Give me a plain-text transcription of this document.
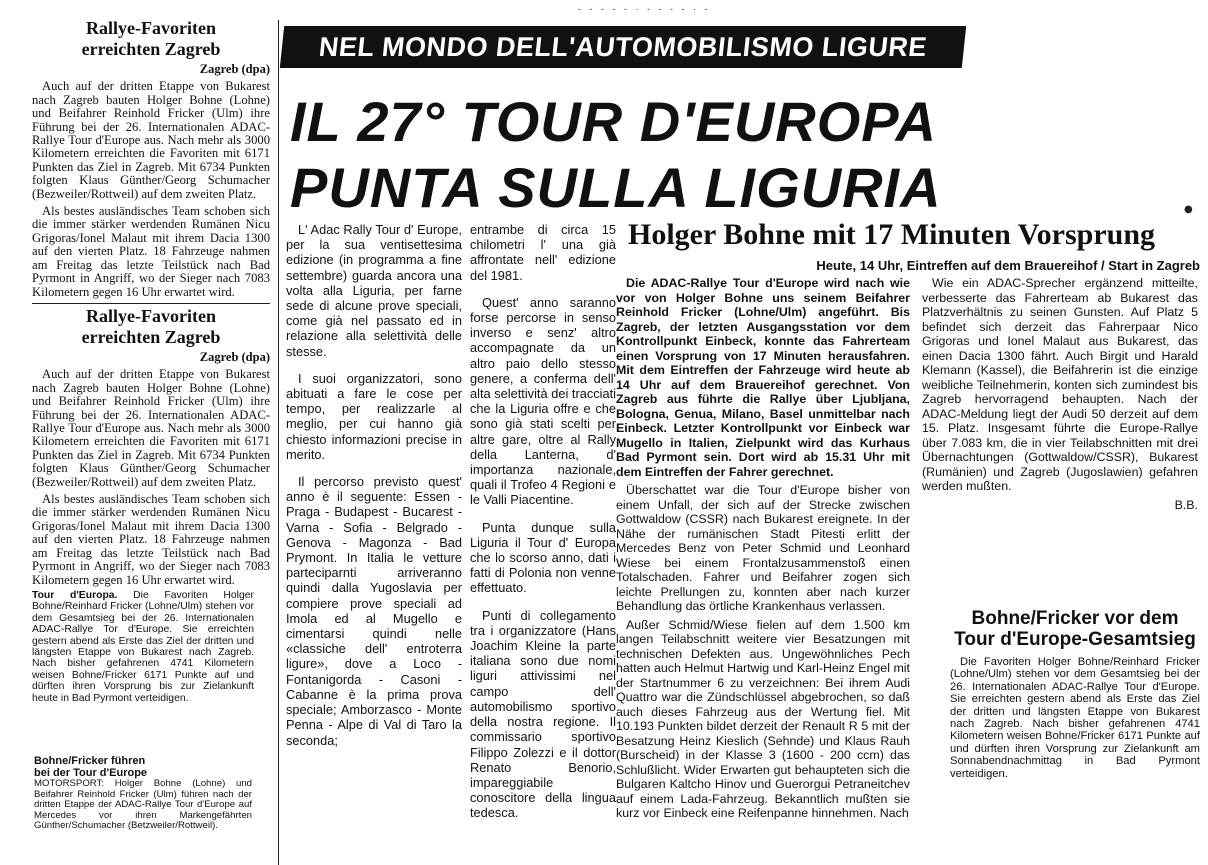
- - - - - · - - - - · -
Rallye-Favoriten
erreichten Zagreb
Zagreb (dpa)

Auch auf der dritten Etappe von Bukarest nach Zagreb bauten Holger Bohne (Lohne) und Beifahrer Reinhold Fricker (Ulm) ihre Führung bei der 26. Internationalen ADAC-Rallye Tour d'Europe aus. Nach mehr als 3000 Kilometern erreichten die Favoriten mit 6171 Punkten das Ziel in Zagreb. Mit 6734 Punkten folgten Klaus Günther/Georg Schumacher (Bezweiler/Rottweil) auf dem zweiten Platz.

Als bestes ausländisches Team schoben sich die immer stärker werdenden Rumänen Nicu Grigoras/Ionel Malaut mit ihrem Dacia 1300 auf den vierten Platz. 18 Fahrzeuge nahmen am Freitag das letzte Teilstück nach Bad Pyrmont in Angriff, wo der Sieger nach 7083 Kilometern gegen 16 Uhr erwartet wird.

Rallye-Favoriten
erreichten Zagreb
Zagreb (dpa)

Auch auf der dritten Etappe von Bukarest nach Zagreb bauten Holger Bohne (Lohne) und Beifahrer Reinhold Fricker (Ulm) ihre Führung bei der 26. Internationalen ADAC-Rallye Tour d'Europe aus. Nach mehr als 3000 Kilometern erreichten die Favoriten mit 6171 Punkten das Ziel in Zagreb. Mit 6734 Punkten folgten Klaus Günther/Georg Schumacher (Bezweiler/Rottweil) auf dem zweiten Platz.

Als bestes ausländisches Team schoben sich die immer stärker werdenden Rumänen Nicu Grigoras/Ionel Malaut mit ihrem Dacia 1300 auf den vierten Platz. 18 Fahrzeuge nahmen am Freitag das letzte Teilstück nach Bad Pyrmont in Angriff, wo der Sieger nach 7083 Kilometern gegen 16 Uhr erwartet wird.

Tour d'Europa. Die Favoriten Holger Bohne/Reinhard Fricker (Lohne/Ulm) stehen vor dem Gesamtsieg bei der 26. Internationalen ADAC-Rallye Tor d'Europe. Sie erreichten gestern abend als Erste das Ziel der dritten und längsten Etappe von Bukarest nach Zagreb. Nach bisher gefahrenen 4741 Kilometern weisen Bohne/Fricker 6171 Punkte auf und dürften ihren Vorsprung bis zur Zielankunft heute in Bad Pyrmont verteidigen.

Bohne/Fricker führen

bei der Tour d'Europe

MOTORSPORT: Holger Bohne (Lohne) und Beifahrer Reinhold Fricker (Ulm) führen nach der dritten Etappe der ADAC-Rallye Tour d'Europe auf Mercedes vor ihren Markengefährten Günther/Schumacher (Betzweiler/Rottweil).

NEL MONDO DELL'AUTOMOBILISMO LIGURE
IL 27° TOUR D'EUROPA
PUNTA SULLA LIGURIA	●

L' Adac Rally Tour d' Europe, per la sua ventisettesima edizione (in programma a fine settembre) guarda ancora una volta alla Liguria, per farne sede di alcune prove speciali, come già nel passato ed in relazione alla selettività delle stesse.

I suoi organizzatori, sono abituati a fare le cose per tempo, per realizzarle al meglio, per cui hanno già chiesto informazioni precise in merito.

Il percorso previsto quest' anno è il seguente: Essen - Praga - Budapest - Bucarest - Varna - Sofia - Belgrado - Genova - Magonza - Bad Prymont. In Italia le vetture parteciparnti arriveranno quindi dalla Yugoslavia per compiere prove speciali ad Imola ed al Mugello e cimentarsi quindi nelle «classiche dell' entroterra ligure», dove a Loco - Fontanigorda - Casoni - Cabanne è la prima prova speciale; Amborzasco - Monte Penna - Alpe di Val di Taro la seconda;

entrambe di circa 15 chilometri l' una già affrontate nell' edizione del 1981.

Quest' anno saranno forse percorse in senso inverso e senz' altro accompagnate da un altro paio dello stesso genere, a conferma dell' alta selettività dei tracciati che la Liguria offre e che sono già stati scelti per altre gare, oltre al Rally della Lanterna, d' importanza nazionale, quali il Trofeo 4 Regioni e le Valli Piacentine.

Punta dunque sulla Liguria il Tour d' Europa che lo scorso anno, dati i fatti di Polonia non venne effettuato.

Punti di collegamento tra i organizzatore (Hans Joachim Kleine la parte italiana sono due nomi liguri attivissimi nel campo dell' automobilismo sportivo della nostra regione. Il commissario sportivo Filippo Zolezzi e il dottor Renato Benorio, impareggiabile conoscitore della lingua tedesca.

Holger Bohne mit 17 Minuten Vorsprung
Heute, 14 Uhr, Eintreffen auf dem Brauereihof / Start in Zagreb

Die ADAC-Rallye Tour d'Europe wird nach wie vor von Holger Bohne uns seinem Beifahrer Reinhold Fricker (Lohne/Ulm) angeführt. Bis Zagreb, der letzten Ausgangsstation vor dem Kontrollpunkt Einbeck, konnte das Fahrerteam einen Vorsprung von 17 Minuten herausfahren. Mit dem Eintreffen der Fahrzeuge wird heute ab 14 Uhr auf dem Brauereihof gerechnet. Von Zagreb aus führte die Rallye über Ljubljana, Bologna, Genua, Milano, Basel unmittelbar nach Einbeck. Letzter Kontrollpunkt vor Einbeck war Mugello in Italien, Zielpunkt wird das Kurhaus Bad Pyrmont sein. Dort wird ab 15.31 Uhr mit dem Eintreffen der Fahrer gerechnet.

Überschattet war die Tour d'Europe bisher von einem Unfall, der sich auf der Strecke zwischen Gottwaldow (CSSR) nach Bukarest ereignete. In der Nähe der rumänischen Stadt Pitesti erlitt der Mercedes Benz von Peter Schmid und Leonhard Wiese bei einem Frontalzusammenstoß einen Totalschaden. Fahrer und Beifahrer zogen sich leichte Prellungen zu, konnten aber nach kurzer Behandlung das örtliche Krankenhaus verlassen.

Außer Schmid/Wiese fielen auf dem 1.500 km langen Teilabschnitt weitere vier Besatzungen mit technischen Defekten aus. Ungewöhnliches Pech hatten auch Helmut Hartwig und Karl-Heinz Engel mit der Startnummer 6 zu verzeichnen: Bei ihrem Audi Quattro war die Zündschlüssel abgebrochen, so daß auch dieses Fahrzeug aus der Wertung fiel. Mit 10.193 Punkten bildet derzeit der Renault R 5 mit der Besatzung Heinz Kieslich (Sehnde) und Klaus Rauh (Burscheid) in der Klasse 3 (1600 - 200 ccm) das Schlußlicht. Wider Erwarten gut behaupteten sich die Bulgaren Kaltcho Hinov und Guerorgui Petraneitchev auf einem Lada-Fahrzeug. Bekanntlich mußten sie kurz vor Einbeck eine Reifenpanne hinnehmen. Nach

Wie ein ADAC-Sprecher ergänzend mitteilte, verbesserte das Fahrerteam ab Bukarest das Platzverhältnis zu seinen Gunsten. Auf Platz 5 befindet sich derzeit das Fahrerpaar Nico Grigoras und Ionel Malaut aus Bukarest, das einen Dacia 1300 fährt. Auch Birgit und Harald Klemann (Kassel), die Beifahrerin ist die einzige weibliche Teilnehmerin, konten sich zumindest bis Zagreb hervorragend behaupten. Nach der ADAC-Meldung liegt der Audi 50 derzeit auf dem 15. Platz. Insgesamt führte die Europe-Rallye über 7.083 km, die in vier Teilabschnitten mit drei Übernachtungen (Gottwaldow/CSSR), Bukarest (Rumänien) und Zagreb (Jugoslawien) gefahren werden mußten.

B.B.

Bohne/Fricker vor dem

Tour d'Europe-Gesamtsieg

Die Favoriten Holger Bohne/Reinhard Fricker (Lohne/Ulm) stehen vor dem Gesamtsieg bei der 26. Internationalen ADAC-Rallye Tour d'Europe. Sie erreichten gestern abend als Erste das Ziel der dritten und längsten Etappe von Bukarest nach Zagreb. Nach bisher gefahrenen 4741 Kilometern weisen Bohne/Fricker 6171 Punkte auf und dürften ihren Vorsprung zur Zielankunft am Sonnabendnachmittag in Bad Pyrmont verteidigen.
